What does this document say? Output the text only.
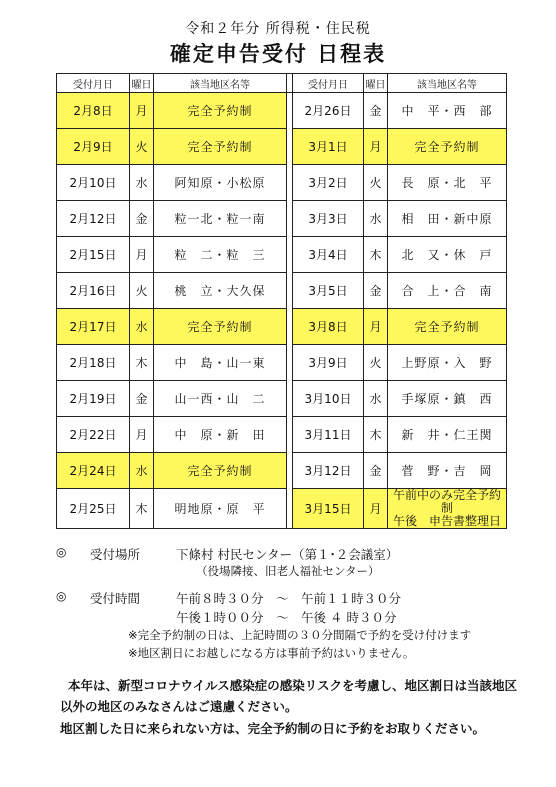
令和２年分 所得税・住民税
確定申告受付 日程表
受付月日	曜日	該当地区名等		受付月日	曜日	該当地区名等
2月8日	月	完全予約制		2月26日	金	中　平・西　部
2月9日	火	完全予約制		3月1日	月	完全予約制
2月10日	水	阿知原・小松原		3月2日	火	長　原・北　平
2月12日	金	粒一北・粒一南		3月3日	水	相　田・新中原
2月15日	月	粒　二・粒　三		3月4日	木	北　又・休　戸
2月16日	火	桃　立・大久保		3月5日	金	合　上・合　南
2月17日	水	完全予約制		3月8日	月	完全予約制
2月18日	木	中　島・山一東		3月9日	火	上野原・入　野
2月19日	金	山一西・山　二		3月10日	水	手塚原・鎮　西
2月22日	月	中　原・新　田		3月11日	木	新　井・仁王関
2月24日	水	完全予約制		3月12日	金	菅　野・吉　岡
2月25日	木	明地原・原　平		3月15日	月	午前中のみ完全予約制
午後　申告書整理日
◎ 受付場所	下條村 村民センター（第１･２会議室）
（役場隣接、旧老人福祉センター）
◎ 受付時間	午前８時３０分　～　午前１１時３０分
午後１時００分　～　午後 ４ 時３０分
※完全予約制の日は、上記時間の３０分間隔で予約を受け付けます
※地区割日にお越しになる方は事前予約はいりません。
本年は、新型コロナウイルス感染症の感染リスクを考慮し、地区割日は当該地区
以外の地区のみなさんはご遠慮ください。
地区割した日に来られない方は、完全予約制の日に予約をお取りください。
